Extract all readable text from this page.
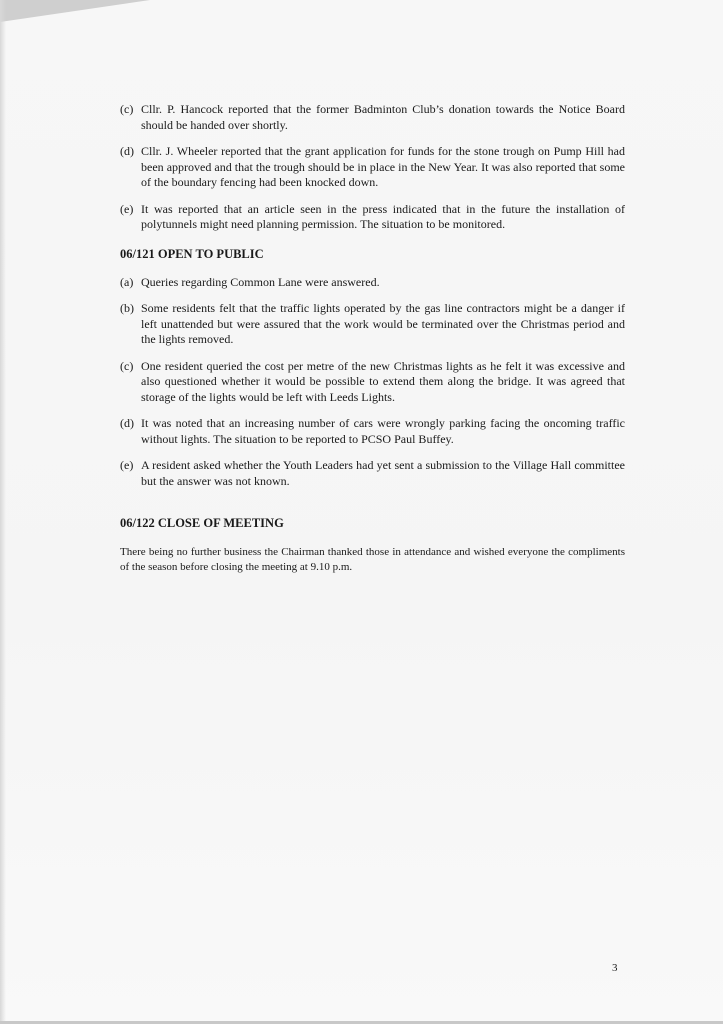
(c) Cllr. P. Hancock reported that the former Badminton Club’s donation towards the Notice Board should be handed over shortly.
(d) Cllr. J. Wheeler reported that the grant application for funds for the stone trough on Pump Hill had been approved and that the trough should be in place in the New Year. It was also reported that some of the boundary fencing had been knocked down.
(e) It was reported that an article seen in the press indicated that in the future the installation of polytunnels might need planning permission. The situation to be monitored.
06/121 OPEN TO PUBLIC
(a) Queries regarding Common Lane were answered.
(b) Some residents felt that the traffic lights operated by the gas line contractors might be a danger if left unattended but were assured that the work would be terminated over the Christmas period and the lights removed.
(c) One resident queried the cost per metre of the new Christmas lights as he felt it was excessive and also questioned whether it would be possible to extend them along the bridge. It was agreed that storage of the lights would be left with Leeds Lights.
(d) It was noted that an increasing number of cars were wrongly parking facing the oncoming traffic without lights. The situation to be reported to PCSO Paul Buffey.
(e) A resident asked whether the Youth Leaders had yet sent a submission to the Village Hall committee but the answer was not known.
06/122 CLOSE OF MEETING
There being no further business the Chairman thanked those in attendance and wished everyone the compliments of the season before closing the meeting at 9.10 p.m.
3
